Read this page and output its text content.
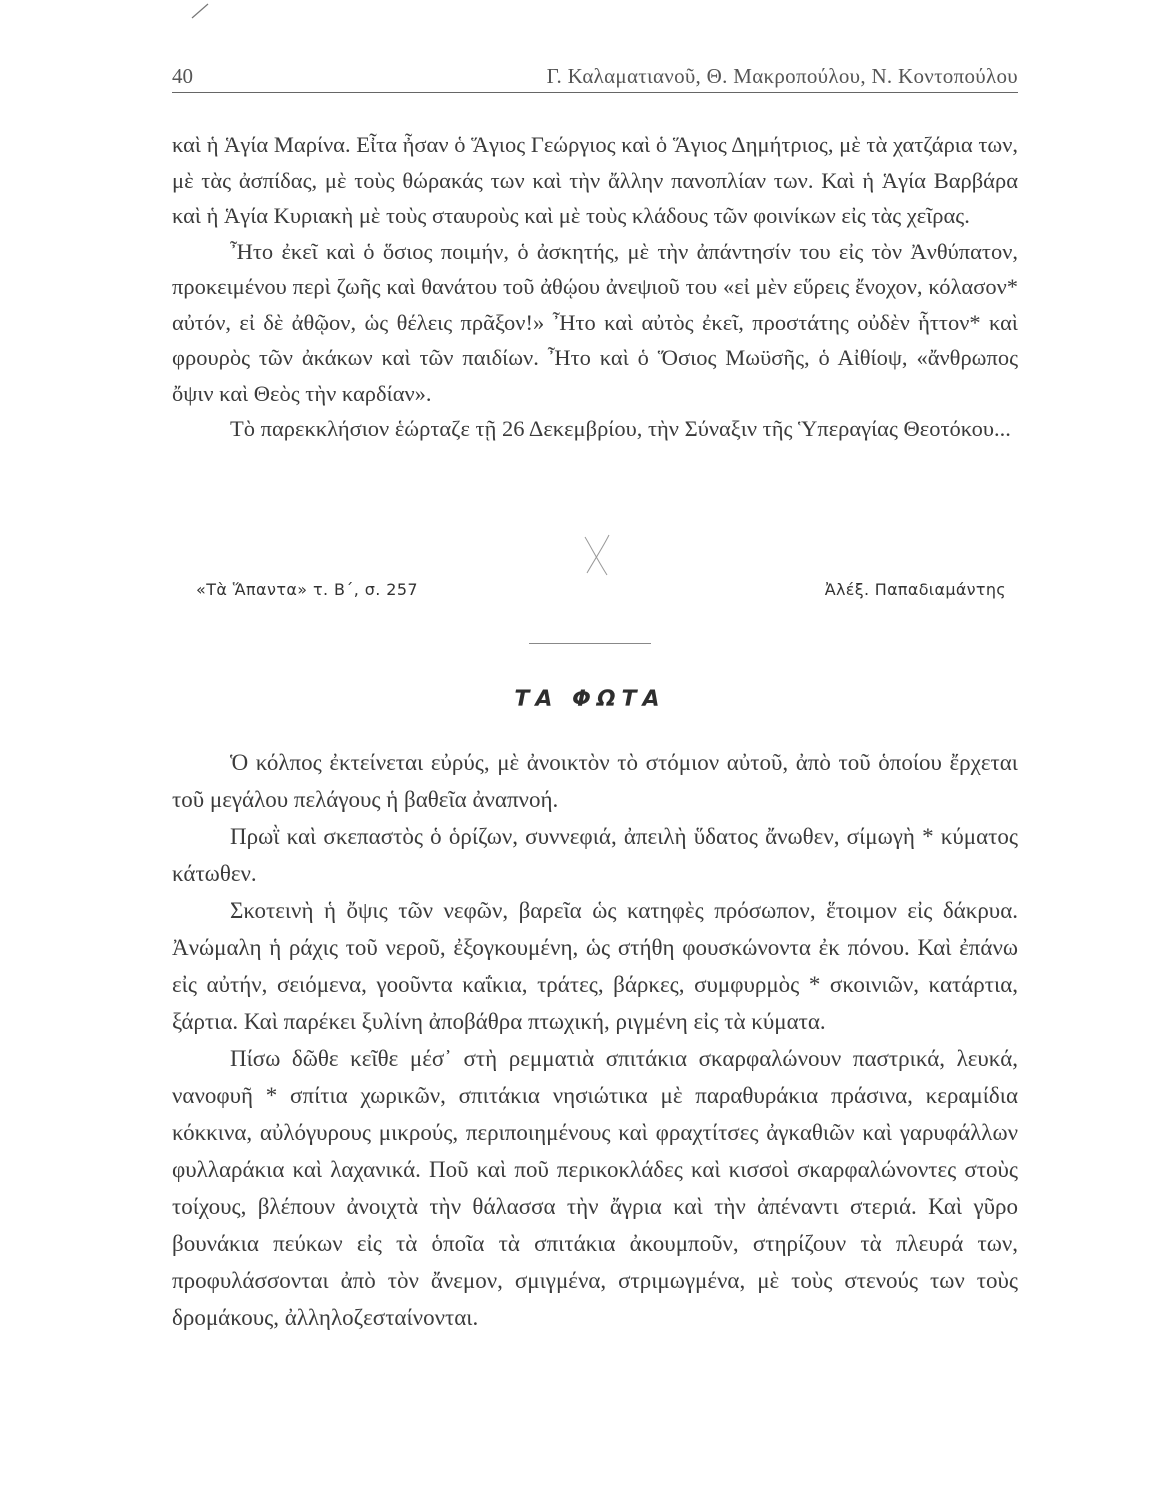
40	Γ. Καλαματιανοῦ, Θ. Μακροπούλου, Ν. Κοντοπούλου

καὶ ἡ Ἁγία Μαρίνα. Εἶτα ἦσαν ὁ Ἅγιος Γεώργιος καὶ ὁ Ἅγιος Δημήτριος, μὲ τὰ χατζάρια των, μὲ τὰς ἀσπίδας, μὲ τοὺς θώρακάς των καὶ τὴν ἄλλην πανοπλίαν των. Καὶ ἡ Ἁγία Βαρβάρα καὶ ἡ Ἁγία Κυριακὴ μὲ τοὺς σταυροὺς καὶ μὲ τοὺς κλάδους τῶν φοινίκων εἰς τὰς χεῖρας.

Ἦτο ἐκεῖ καὶ ὁ ὅσιος ποιμήν, ὁ ἀσκητής, μὲ τὴν ἀπάντησίν του εἰς τὸν Ἀνθύπατον, προκειμένου περὶ ζωῆς καὶ θανάτου τοῦ ἀθῴου ἀνεψιοῦ του «εἰ μὲν εὕρεις ἔνοχον, κόλασον* αὐτόν, εἰ δὲ ἀθῷον, ὡς θέλεις πρᾶξον!» Ἦτο καὶ αὐτὸς ἐκεῖ, προστάτης οὐδὲν ἧττον* καὶ φρουρὸς τῶν ἀκάκων καὶ τῶν παιδίων. Ἦτο καὶ ὁ Ὅσιος Μωϋσῆς, ὁ Αἰθίοψ, «ἄνθρωπος ὄψιν καὶ Θεὸς τὴν καρδίαν».

Τὸ παρεκκλήσιον ἑώρταζε τῇ 26 Δεκεμβρίου, τὴν Σύναξιν τῆς Ὑπεραγίας Θεοτόκου...

«Τὰ Ἅπαντα» τ. Β΄, σ. 257	Ἀλέξ. Παπαδιαμάντης
ΤΑ ΦΩΤΑ

Ὁ κόλπος ἐκτείνεται εὐρύς, μὲ ἀνοικτὸν τὸ στόμιον αὐτοῦ, ἀπὸ τοῦ ὁποίου ἔρχεται τοῦ μεγάλου πελάγους ἡ βαθεῖα ἀναπνοή.

Πρωῒ καὶ σκεπαστὸς ὁ ὁρίζων, συννεφιά, ἀπειλὴ ὕδατος ἄνωθεν, σίμωγὴ * κύματος κάτωθεν.

Σκοτεινὴ ἡ ὄψις τῶν νεφῶν, βαρεῖα ὡς κατηφὲς πρόσωπον, ἕτοιμον εἰς δάκρυα. Ἀνώμαλη ἡ ράχις τοῦ νεροῦ, ἐξογκουμένη, ὡς στήθη φουσκώνοντα ἐκ πόνου. Καὶ ἐπάνω εἰς αὐτήν, σειόμενα, γοοῦντα καΐκια, τράτες, βάρκες, συμφυρμὸς * σκοινιῶν, κατάρτια, ξάρτια. Καὶ παρέκει ξυλίνη ἀποβάθρα πτωχική, ριγμένη εἰς τὰ κύματα.

Πίσω δῶθε κεῖθε μέσ᾽ στὴ ρεμματιὰ σπιτάκια σκαρφαλώνουν παστρικά, λευκά, νανοφυῆ * σπίτια χωρικῶν, σπιτάκια νησιώτικα μὲ παραθυράκια πράσινα, κεραμίδια κόκκινα, αὐλόγυρους μικρούς, περιποιημένους καὶ φραχτίτσες ἀγκαθιῶν καὶ γαρυφάλλων φυλλαράκια καὶ λαχανικά. Ποῦ καὶ ποῦ περικοκλάδες καὶ κισσοὶ σκαρφαλώνοντες στοὺς τοίχους, βλέπουν ἀνοιχτὰ τὴν θάλασσα τὴν ἄγρια καὶ τὴν ἀπέναντι στεριά. Καὶ γῦρο βουνάκια πεύκων εἰς τὰ ὁποῖα τὰ σπιτάκια ἀκουμποῦν, στηρίζουν τὰ πλευρά των, προφυλάσσονται ἀπὸ τὸν ἄνεμον, σμιγμένα, στριμωγμένα, μὲ τοὺς στενούς των τοὺς δρομάκους, ἀλληλοζεσταίνονται.
